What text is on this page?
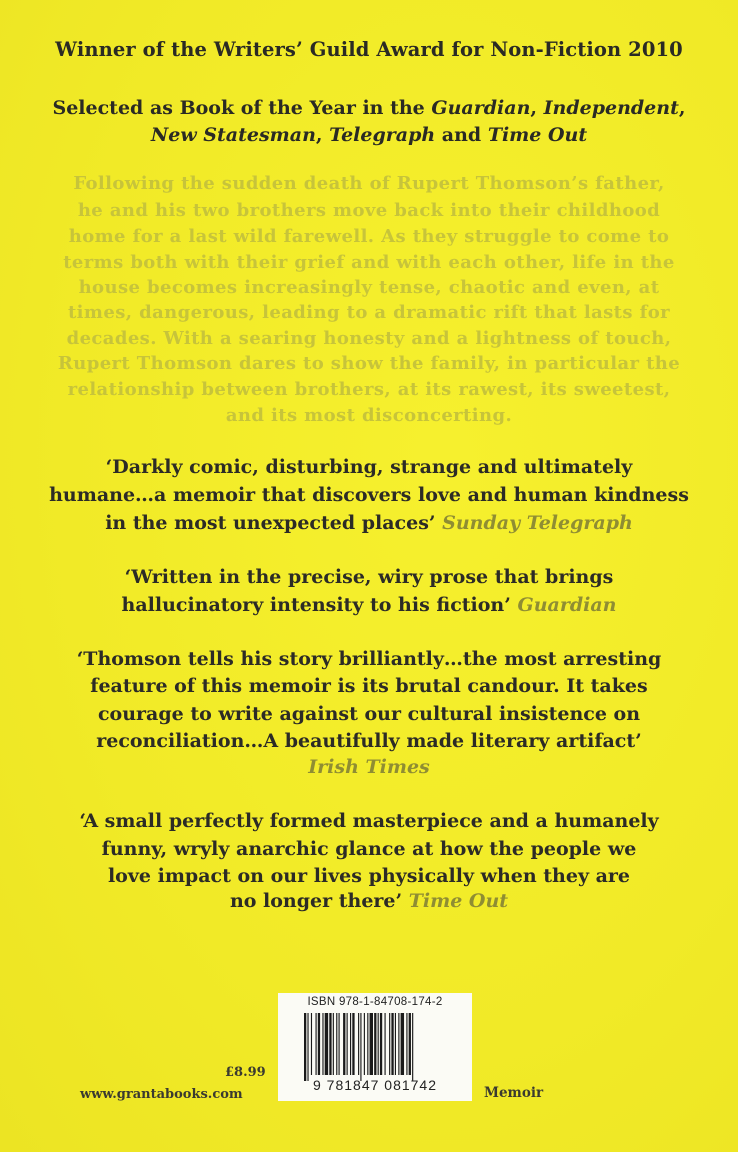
Winner of the Writers’ Guild Award for Non-Fiction 2010
Selected as Book of the Year in the Guardian, Independent,
New Statesman, Telegraph and Time Out
Following the sudden death of Rupert Thomson’s father,
he and his two brothers move back into their childhood
home for a last wild farewell. As they struggle to come to
terms both with their grief and with each other, life in the
house becomes increasingly tense, chaotic and even, at
times, dangerous, leading to a dramatic rift that lasts for
decades. With a searing honesty and a lightness of touch,
Rupert Thomson dares to show the family, in particular the
relationship between brothers, at its rawest, its sweetest,
and its most disconcerting.
‘Darkly comic, disturbing, strange and ultimately
humane…a memoir that discovers love and human kindness
in the most unexpected places’ Sunday Telegraph
‘Written in the precise, wiry prose that brings
hallucinatory intensity to his fiction’ Guardian
‘Thomson tells his story brilliantly…the most arresting
feature of this memoir is its brutal candour. It takes
courage to write against our cultural insistence on
reconciliation…A beautifully made literary artifact’
Irish Times
‘A small perfectly formed masterpiece and a humanely
funny, wryly anarchic glance at how the people we
love impact on our lives physically when they are
no longer there’ Time Out
ISBN 978-1-84708-174-2
9 781847 081742
£8.99
www.grantabooks.com	Memoir
